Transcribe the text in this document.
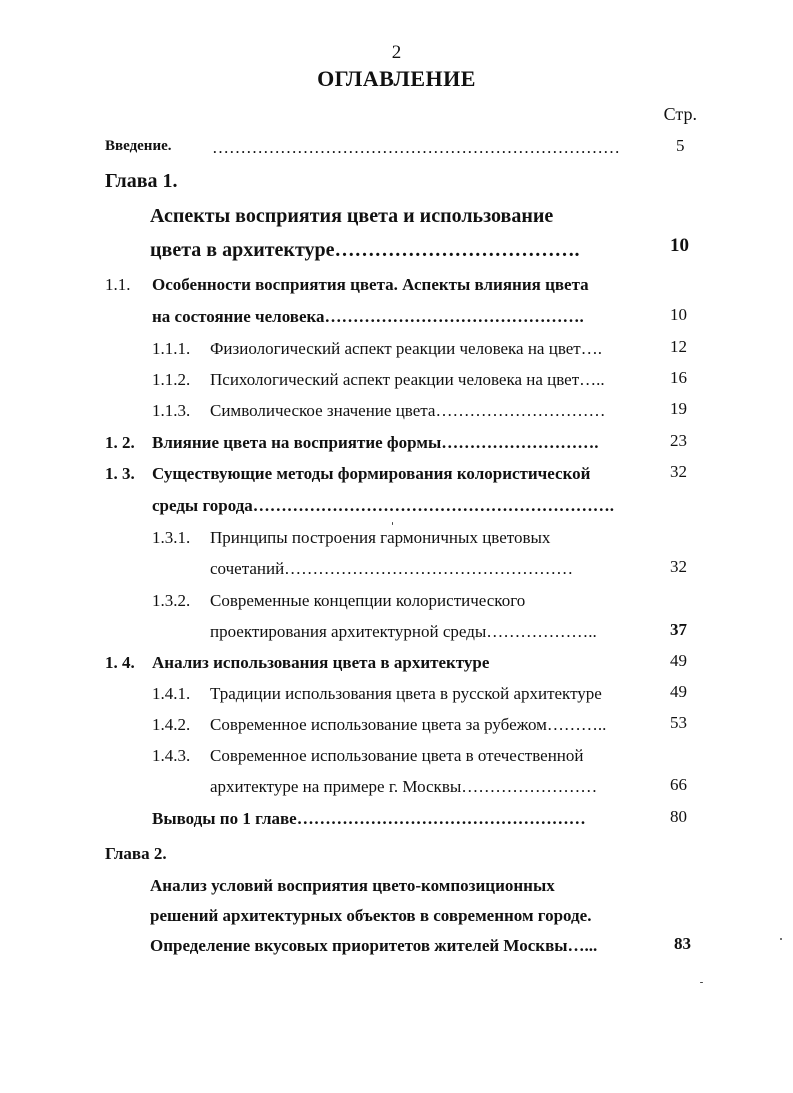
2
ОГЛАВЛЕНИЕ
Стр.
Введение. ………………………………………………………………	5
Глава 1.
Аспекты восприятия цвета и использование
цвета в архитектуре……………………………….	10
1.1. Особенности восприятия цвета. Аспекты влияния цвета
на состояние человека……………………………………….	10
1.1.1. Физиологический аспект реакции человека на цвет….	12
1.1.2. Психологический аспект реакции человека на цвет…..	16
1.1.3. Символическое значение цвета…………………………	19
1. 2. Влияние цвета на восприятие формы……………………….	23
1. 3. Существующие методы формирования колористической	32
среды города……………………………………………………….
1.3.1. Принципы построения гармоничных цветовых
сочетаний……………………………………………	32
1.3.2. Современные концепции колористического
проектирования архитектурной среды………………..	37
1. 4. Анализ использования цвета в архитектуре	49
1.4.1. Традиции использования цвета в русской архитектуре	49
1.4.2. Современное использование цвета за рубежом………..	53
1.4.3. Современное использование цвета в отечественной
архитектуре на примере г. Москвы……………………	66
Выводы по 1 главе……………………………………………	80
Глава 2.
Анализ условий восприятия цвето-композиционных
решений архитектурных объектов в современном городе.
Определение вкусовых приоритетов жителей Москвы…...	83
